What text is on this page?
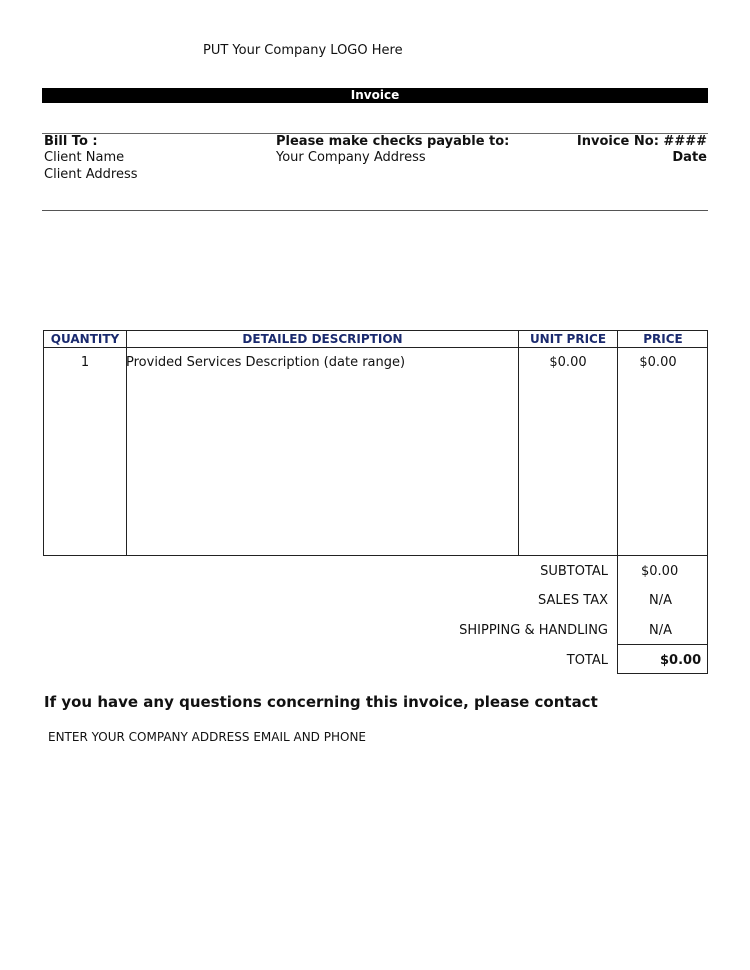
PUT Your Company LOGO Here
Invoice
Bill To :
Client Name
Client Address
Please make checks payable to:
Your Company Address
Invoice No: ####
Date
QUANTITY	DETAILED DESCRIPTION	UNIT PRICE	PRICE
1	Provided Services Description (date range)	$0.00	$0.00
SUBTOTAL	$0.00
SALES TAX	N/A
SHIPPING & HANDLING	N/A
TOTAL	$0.00
If you have any questions concerning this invoice, please contact
ENTER YOUR COMPANY ADDRESS EMAIL AND PHONE
